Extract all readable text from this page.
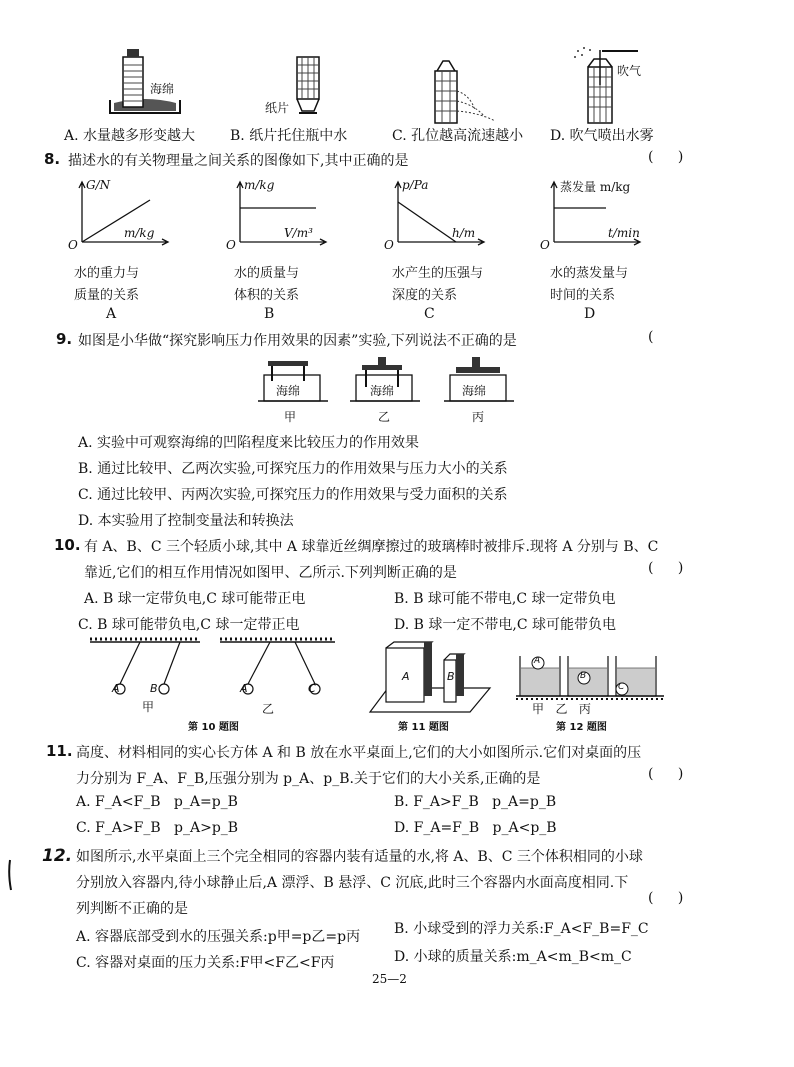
海绵
纸片
吹气
A. 水量越多形变越大 B. 纸片托住瓶中水	C. 孔位越高流速越小 D. 吹气喷出水雾
8. 描述水的有关物理量之间关系的图像如下,其中正确的是	( )
G/N
m/kg
O
水的重力与
质量的关系
A
m/kg
V/m³
O
水的质量与
体积的关系
B
p/Pa
h/m
O
水产生的压强与
深度的关系
C
蒸发量 m/kg
t/min
O
水的蒸发量与
时间的关系
D
9. 如图是小华做“探究影响压力作用效果的因素”实验,下列说法不正确的是	(
海绵	海绵	海绵
甲	乙	丙
A. 实验中可观察海绵的凹陷程度来比较压力的作用效果
B. 通过比较甲、乙两次实验,可探究压力的作用效果与压力大小的关系
C. 通过比较甲、丙两次实验,可探究压力的作用效果与受力面积的关系
D. 本实验用了控制变量法和转换法
10. 有 A、B、C 三个轻质小球,其中 A 球靠近丝绸摩擦过的玻璃棒时被排斥.现将 A 分别与 B、C
靠近,它们的相互作用情况如图甲、乙所示.下列判断正确的是	( )
A. B 球一定带负电,C 球可能带正电	B. B 球可能不带电,C 球一定带负电
C. B 球可能带负电,C 球一定带正电	D. B 球一定不带电,C 球可能带负电
A	B	A	C
甲	乙
第 10 题图
A	B
第 11 题图
A
B
C
甲   乙   丙
第 12 题图
11. 高度、材料相同的实心长方体 A 和 B 放在水平桌面上,它们的大小如图所示.它们对桌面的压
力分别为 F_A、F_B,压强分别为 p_A、p_B.关于它们的大小关系,正确的是	( )
A. F_A<F_B   p_A=p_B	B. F_A>F_B   p_A=p_B
C. F_A>F_B   p_A>p_B	D. F_A=F_B   p_A<p_B
12. 如图所示,水平桌面上三个完全相同的容器内装有适量的水,将 A、B、C 三个体积相同的小球
分别放入容器内,待小球静止后,A 漂浮、B 悬浮、C 沉底,此时三个容器内水面高度相同.下
( )
列判断不正确的是
A. 容器底部受到水的压强关系:p甲=p乙=p丙 B. 小球受到的浮力关系:F_A<F_B=F_C
C. 容器对桌面的压力关系:F甲<F乙<F丙	D. 小球的质量关系:m_A<m_B<m_C
25—2
